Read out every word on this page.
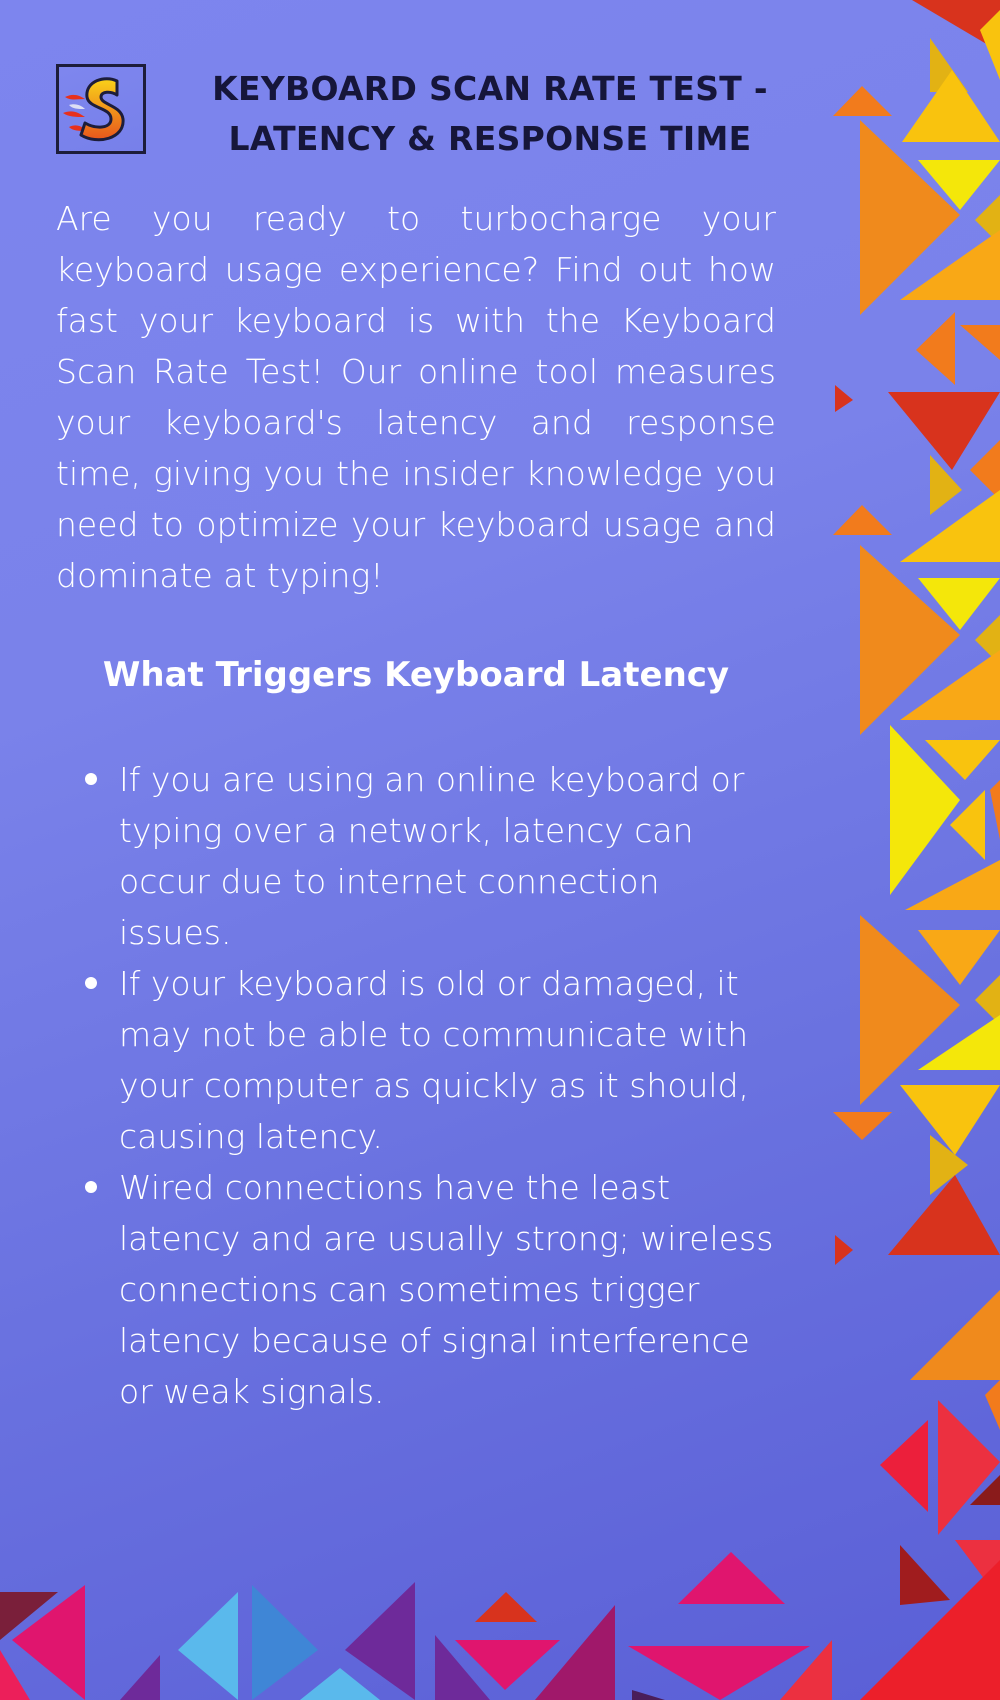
KEYBOARD SCAN RATE TEST - LATENCY & RESPONSE TIME

Are you ready to turbocharge your keyboard usage experience? Find out how fast your keyboard is with the Keyboard Scan Rate Test! Our online tool measures your keyboard's latency and response time, giving you the insider knowledge you need to optimize your keyboard usage and dominate at typing!

What Triggers Keyboard Latency
If you are using an online keyboard or typing over a network, latency can occur due to internet connection issues.
If your keyboard is old or damaged, it may not be able to communicate with your computer as quickly as it should, causing latency.
Wired connections have the least latency and are usually strong; wireless connections can sometimes trigger latency because of signal interference or weak signals.
